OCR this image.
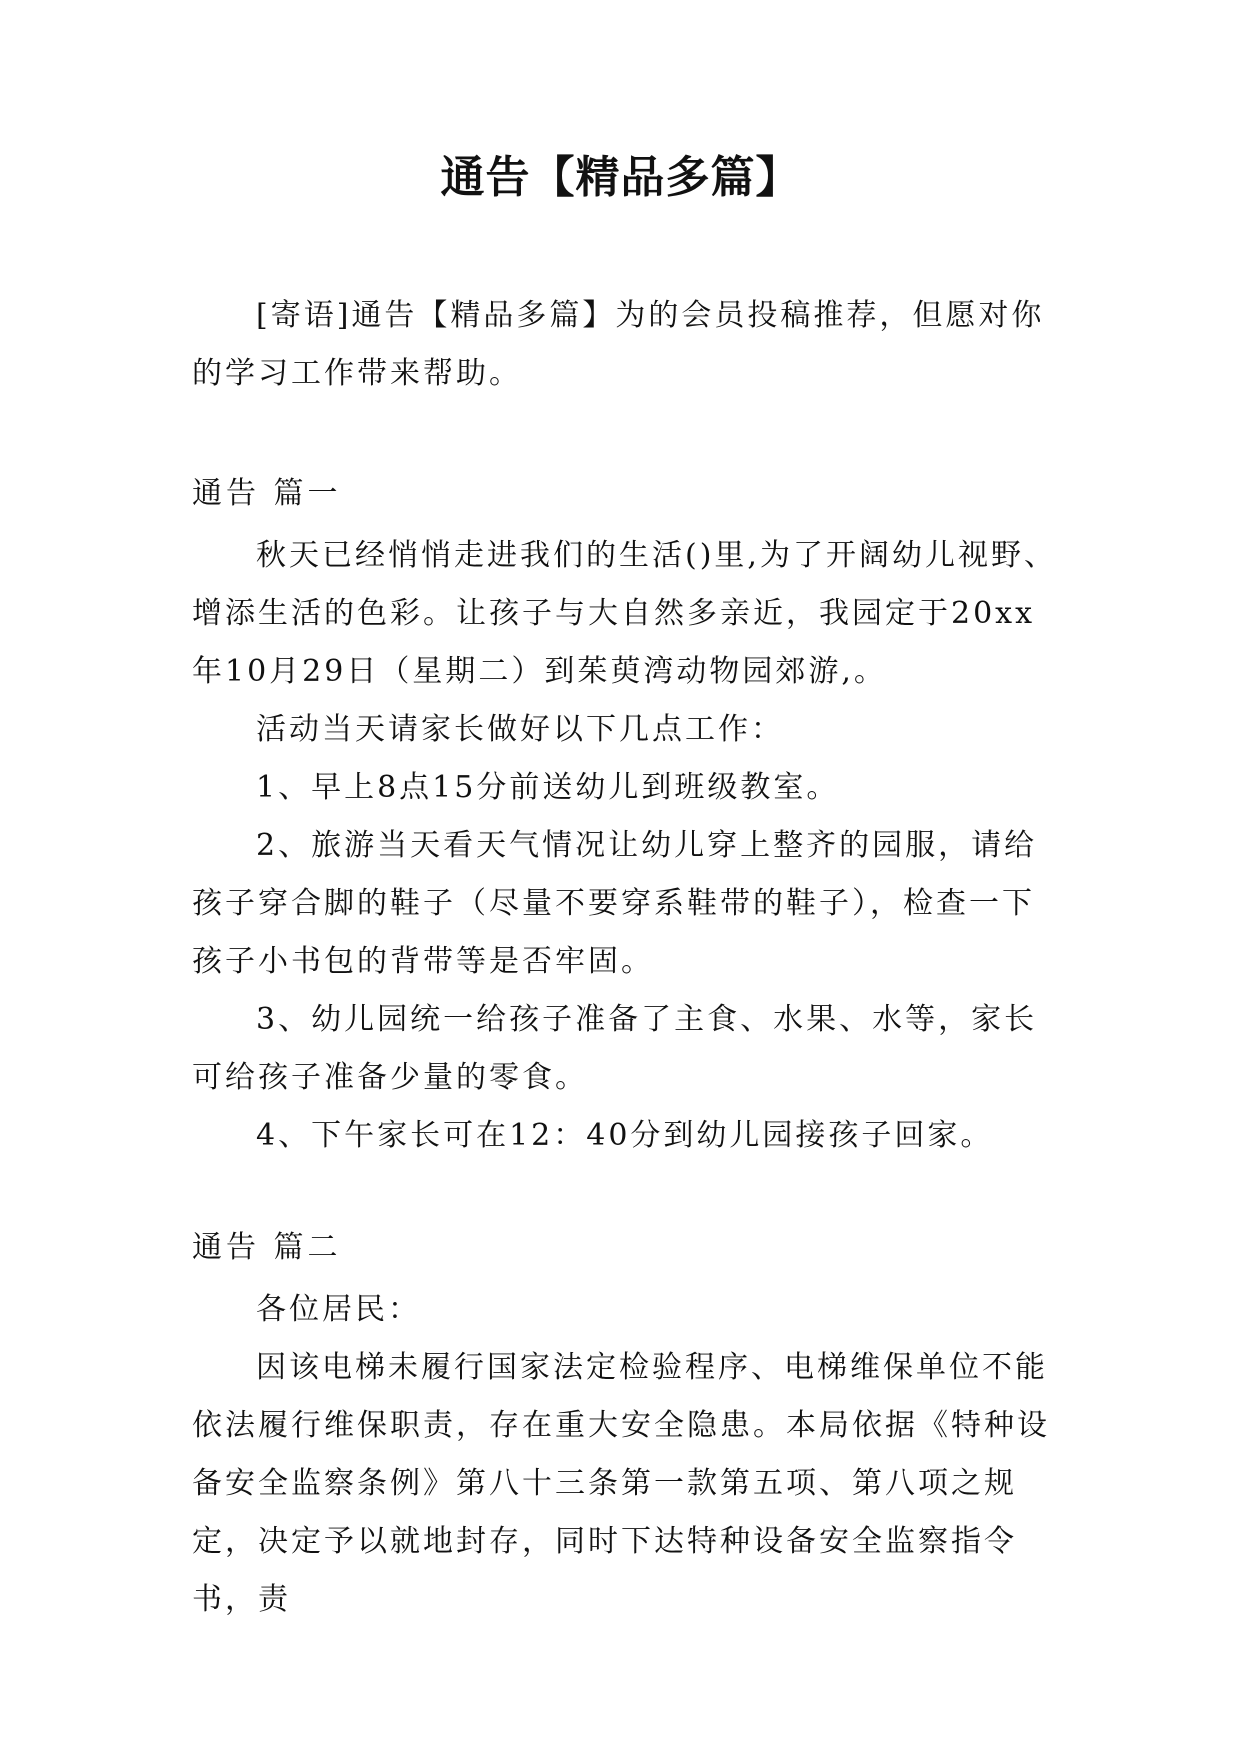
通告【精品多篇】

[寄语]通告【精品多篇】为的会员投稿推荐，但愿对你的学习工作带来帮助。

通告 篇一

秋天已经悄悄走进我们的生活()里,为了开阔幼儿视野、增添生活的色彩。让孩子与大自然多亲近，我园定于20xx年10月29日（星期二）到茱萸湾动物园郊游,。

活动当天请家长做好以下几点工作：

1、早上8点15分前送幼儿到班级教室。

2、旅游当天看天气情况让幼儿穿上整齐的园服，请给孩子穿合脚的鞋子（尽量不要穿系鞋带的鞋子），检查一下孩子小书包的背带等是否牢固。

3、幼儿园统一给孩子准备了主食、水果、水等，家长可给孩子准备少量的零食。

4、下午家长可在12：40分到幼儿园接孩子回家。

通告 篇二

各位居民：

因该电梯未履行国家法定检验程序、电梯维保单位不能依法履行维保职责，存在重大安全隐患。本局依据《特种设备安全监察条例》第八十三条第一款第五项、第八项之规定，决定予以就地封存，同时下达特种设备安全监察指令书，责
